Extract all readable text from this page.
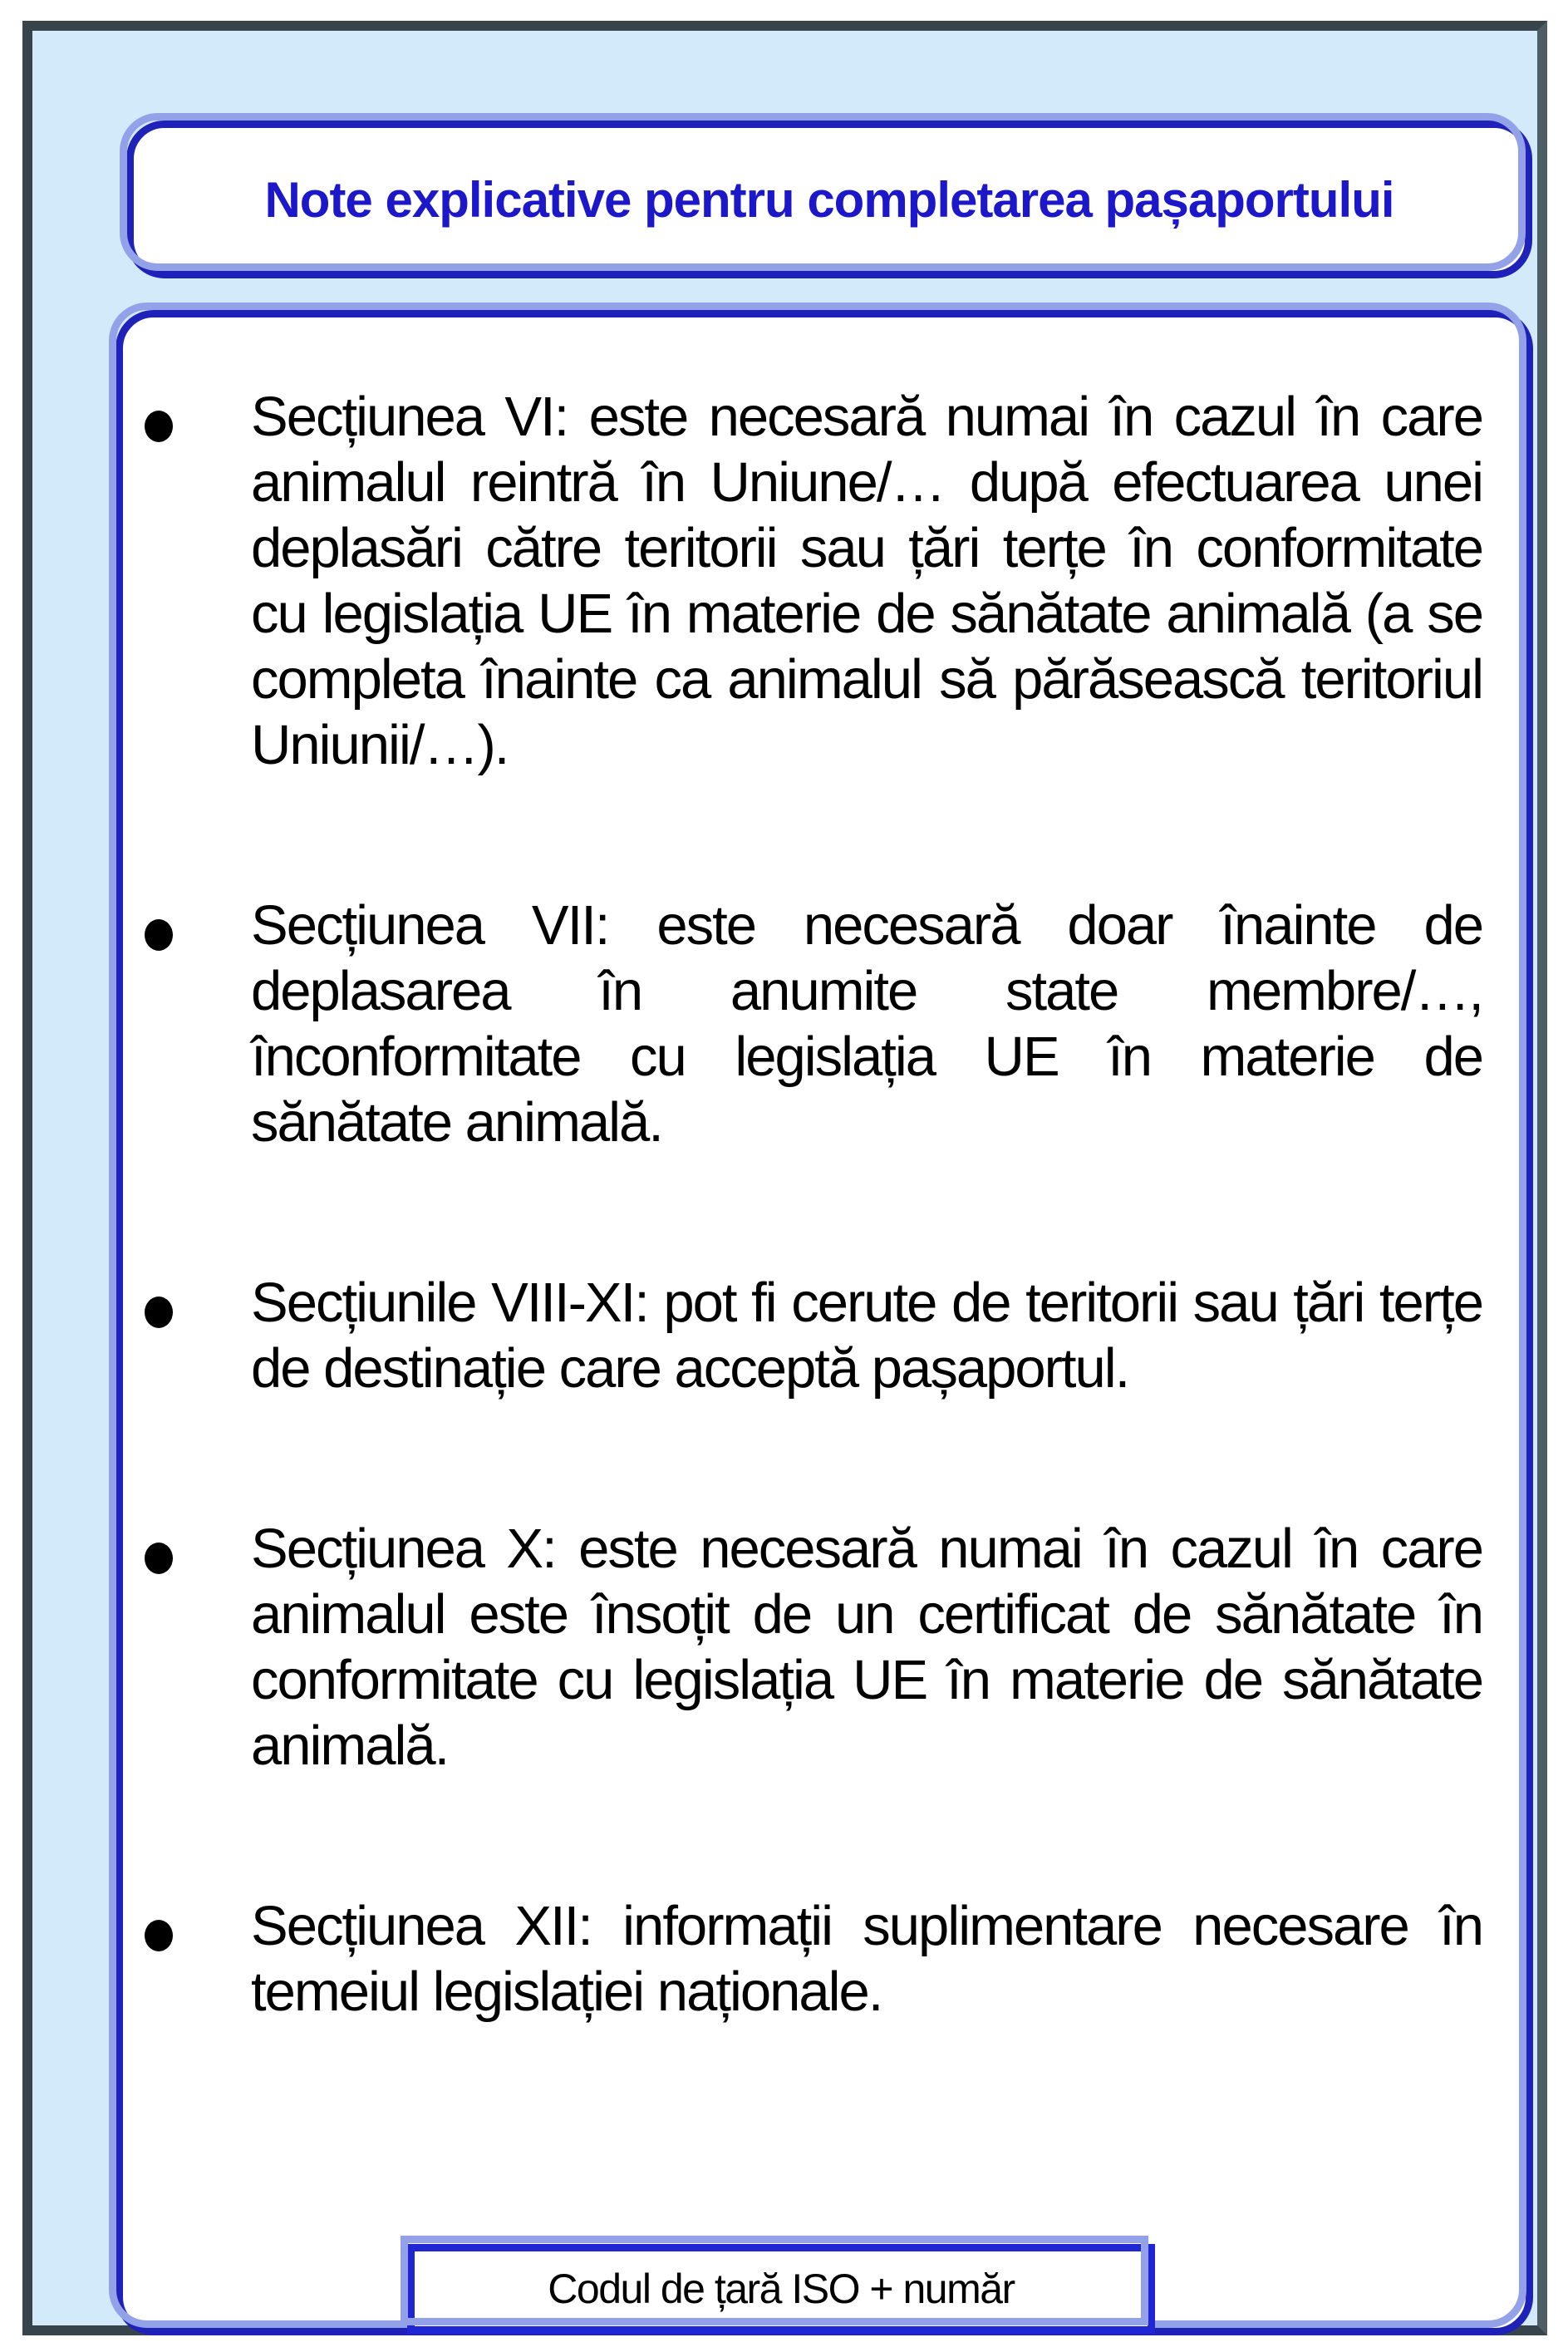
Note explicative pentru completarea pașaportului
Secțiunea VI: este necesară numai în cazul în care animalul reintră în Uniune/… după efectuarea unei deplasări către teritorii sau țări terțe în conformitate cu legislația UE în materie de sănătate animală (a se completa înainte ca animalul să părăsească teritoriul Uniunii/…).
Secțiunea VII: este necesară doar înainte de deplasarea în anumite state membre/…, înconformitate cu legislația UE în materie de sănătate animală.
Secțiunile VIII-XI: pot fi cerute de teritorii sau țări terțe de destinație care acceptă pașaportul.
Secțiunea X: este necesară numai în cazul în care animalul este însoțit de un certificat de sănătate în conformitate cu legislația UE în materie de sănătate animală.
Secțiunea XII: informații suplimentare necesare în temeiul legislației naționale.
Codul de țară ISO + număr
